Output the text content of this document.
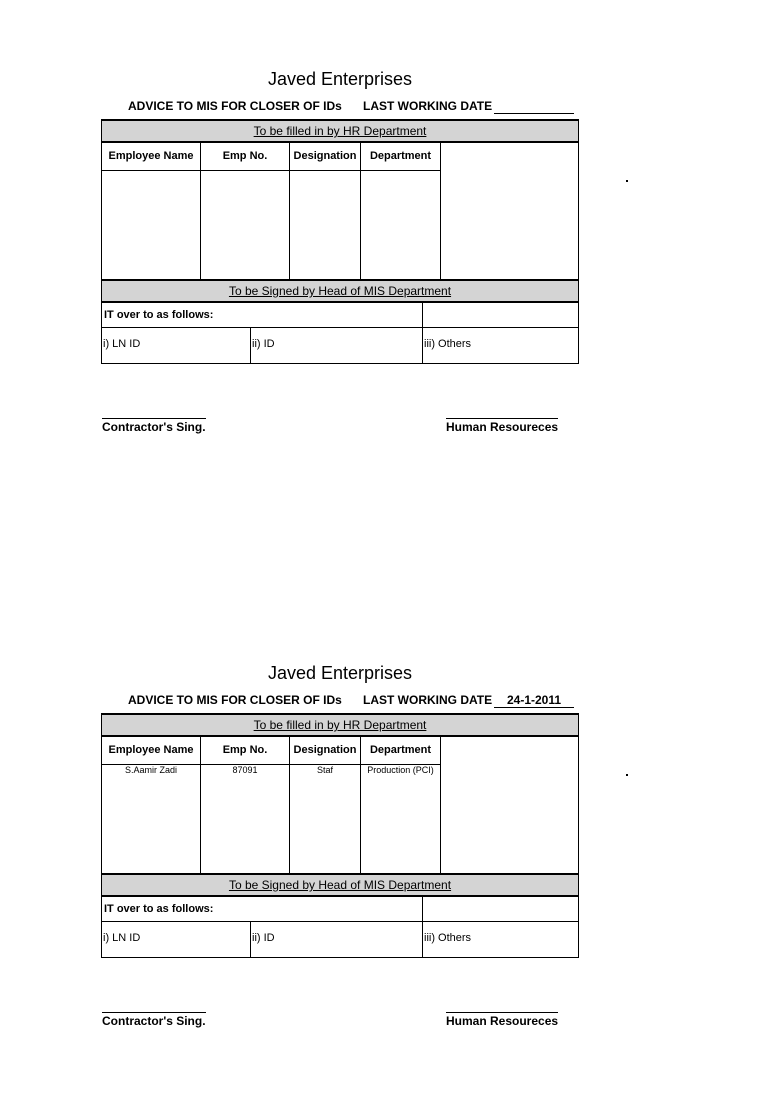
Javed Enterprises
ADVICE TO MIS FOR CLOSER OF IDs LAST WORKING DATE
To be filled in by HR Department
Employee Name	Emp No.	Designation	Department
To be Signed by Head of MIS Department
IT over to as follows:
i) LN ID	ii) ID	iii) Others
Contractor's Sing.	Human Resoureces
Javed Enterprises
ADVICE TO MIS FOR CLOSER OF IDs LAST WORKING DATE	24-1-2011
To be filled in by HR Department
Employee Name	Emp No.	Designation	Department
S.Aamir Zadi	87091	Staf	Production (PCI)
To be Signed by Head of MIS Department
IT over to as follows:
i) LN ID	ii) ID	iii) Others
Contractor's Sing.	Human Resoureces
